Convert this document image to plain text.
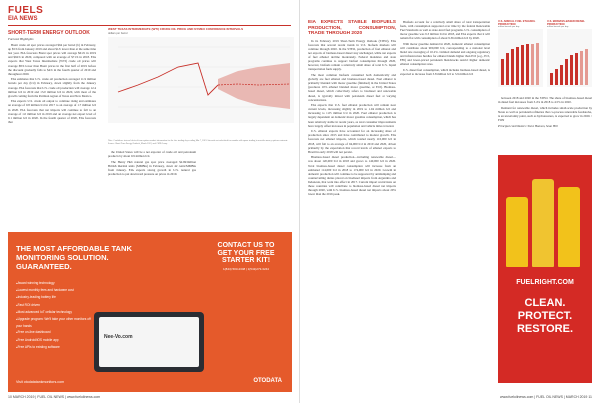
FUELS
EIA NEWS
SHORT-TERM ENERGY OUTLOOK
Forecast Highlights

Brent crude oil spot prices averaged $64 per barrel (b) in February, up $5/b from January 2019 and about $1/b lower than at the same time last year. EIA forecasts Brent spot prices will average $61/b in 2019 and $62/b in 2020, compared with an average of $71/b in 2018. EIA expects that West Texas Intermediate (WTI) crude oil prices will average $8/b lower than Brent prices in the first half of 2019 before the discount gradually falls to $4/b in the fourth quarter of 2019 and throughout 2020.

EIA estimates that U.S. crude oil production averaged 11.9 million barrels per day (b/d) in February, down slightly from the January average. EIA forecasts that U.S. crude oil production will average 12.4 million b/d in 2019 and 13.0 million b/d in 2020, with most of the growth coming from the Permian region of Texas and New Mexico.

EIA expects U.S. crude oil output to continue rising and estimates an average of 0.8 million b/d in 2017 to an average of 1.7 million b/d in 2020. EIA forecasts that net imports will continue to fall to an average of 1.0 million b/d in 2019 and an average net export level of 0.1 million b/d in 2020. In the fourth quarter of 2020, EIA forecasts that

WEST TEXAS INTERMEDIATE (WTI) CRUDE OIL PRICE AND NYMEX CONFIDENCE INTERVALS
dollars per barrel
Note: Confidence interval derived from options market information for the five trading days ending Mar 7, 2019. Intervals not calculated for months with sparse trading in near-the-money options contracts. Source: Short-Term Energy Outlook, March 2019, and CME Group

the United States will be a net exporter of crude oil and petroleum products by about 0.9 million b/d.

The Henry Hub natural gas spot price averaged $2.69/million British thermal units (MMBtu) in February, down 42 cents/MMBtu from January. EIA expects strong growth in U.S. natural gas production to put downward pressure on prices in 2019.

THE MOST AFFORDABLE TANK MONITORING SOLUTION. GUARANTEED.
● Award winning technology
● Lowest monthly fees and hardware cost
● Industry-leading battery life
● Fast ROI driven
● Most advanced IoT cellular technology
● Upgrade program: We'll take your other monitors off your hands
● Free on-line dashboard
● Free Android/iOS mobile app
● Free APIs to existing software
Nee-Vo.com
CONTACT US TO GET YOUR FREE STARTER KIT!
1(844) 503-2348 | 1(541)273-3244
Visit otodatatankmonitors.com	OTODATA
10 MARCH 2019 | FUEL OIL NEWS | www.fueloilnews.com
EIA EXPECTS STABLE BIOFUELS PRODUCTION, CONSUMPTION, TRADE THROUGH 2020

In its February 2019 Short-Term Energy Outlook (STEO), EIA forecasts that several recent trends in U.S. biofuels markets will continue through 2020. In the STEO, production of fuel ethanol and net exports of biomass-based diesel stay unchanged, while net exports of fuel ethanol decline moderately. Federal mandates and state programs continue to support biofuel consumption through 2020, however, biofuels remain a relatively small share of total U.S. liquid transportation fuels supply.

The most common biofuels consumed both domestically and globally are fuel ethanol and biomass-based diesel. Fuel ethanol is primarily blended with motor gasoline (finished) in the United States (produces 10% ethanol blended motor gasoline, or E10). Biomass-based diesel, which collectively refers to biodiesel and renewable diesel, is typically mixed with petroleum diesel fuel at varying concentrations.

EIA expects that U.S. fuel ethanol production will remain near current levels, increasing slightly in 2019 to 1.04 million b/d and increasing to 1.05 million b/d in 2020. Fuel ethanol production is largely dependent on domestic motor gasoline consumption, which has been relatively stable in recent years, as total consumer improvements have largely offset increases in population and vehicle miles traveled.

U.S. ethanol exports have accounted for an increasing share of production since 2015 and have contributed to modest growth. EIA forecasts net ethanol imports, which totaled nearly 110,000 b/d in 2018, will fall to an average of 94,000 b/d in 2019 and 2020, driven primarily by the expectation that record levels of ethanol exports to Brazil in early 2018 will not persist.

Biomass-based diesel production—including renewable diesel—was about 120,000 b/d in 2018 and grows to 140,000 b/d in 2020. Total biomass-based diesel consumption will increase from an estimated 114,000 b/d in 2018 to 174,000 b/d in 2020. Growth in domestic production will continue to be supported by antidumping and countervailing duties placed on biodiesel imports from Argentina and Indonesia, that went into effect in 2017. Current import restrictions on these countries will contribute to biomass-based diesel net imports through 2020, with U.S. biomass-based diesel net imports about 29% lower than the 2016 peak.

Biofuels account for a relatively small share of total transportation fuels, with consumption supported over time by the federal Renewable Fuel Standards as well as state-level fuel programs. U.S. consumption of motor gasoline was 9.3 million b/d in 2018, and EIA expects that it will remain flat with consumption of about 9.36 million b/d by 2020.

With motor gasoline demand in 2020, domestic ethanol consumption will contribute about 900,000 b/d, corresponding to a national level blend rate averaging of 10.2%. Limited demand and ongoing regulatory and infrastructure hurdles for ethanol blends higher than E10 (e.g., E15, E85) and lower-priced petroleum blendstocks restrict higher domestic ethanol consumption rates.

U.S. diesel fuel consumption, which includes biomass-based diesel, is expected to increase from 3.8 million b/d to 3.9 million b/d

U.S. ANNUAL FUEL ETHANOL PRODUCTION
million barrels per day
U.S. BIOMASS-BASED DIESEL PRODUCTION
million barrels per day

between 2018 and 2020 in the STEO. The share of biomass-based diesel in diesel fuel increases from 3.4% in 2018 to 4.5% in 2020.

Demand for renewable diesel, which includes small-scale production by Neste as well as petroleum refineries that co-process renewable feedstocks, is an uncertainty point, such as hydrotreaters, is expected to grow in 2020. / FON

Principal contributors: Steve Hanson, Sean Hill

FUELRIGHT.COM
CLEAN. PROTECT. RESTORE.
www.fueloilnews.com | FUEL OIL NEWS | MARCH 2019 11
